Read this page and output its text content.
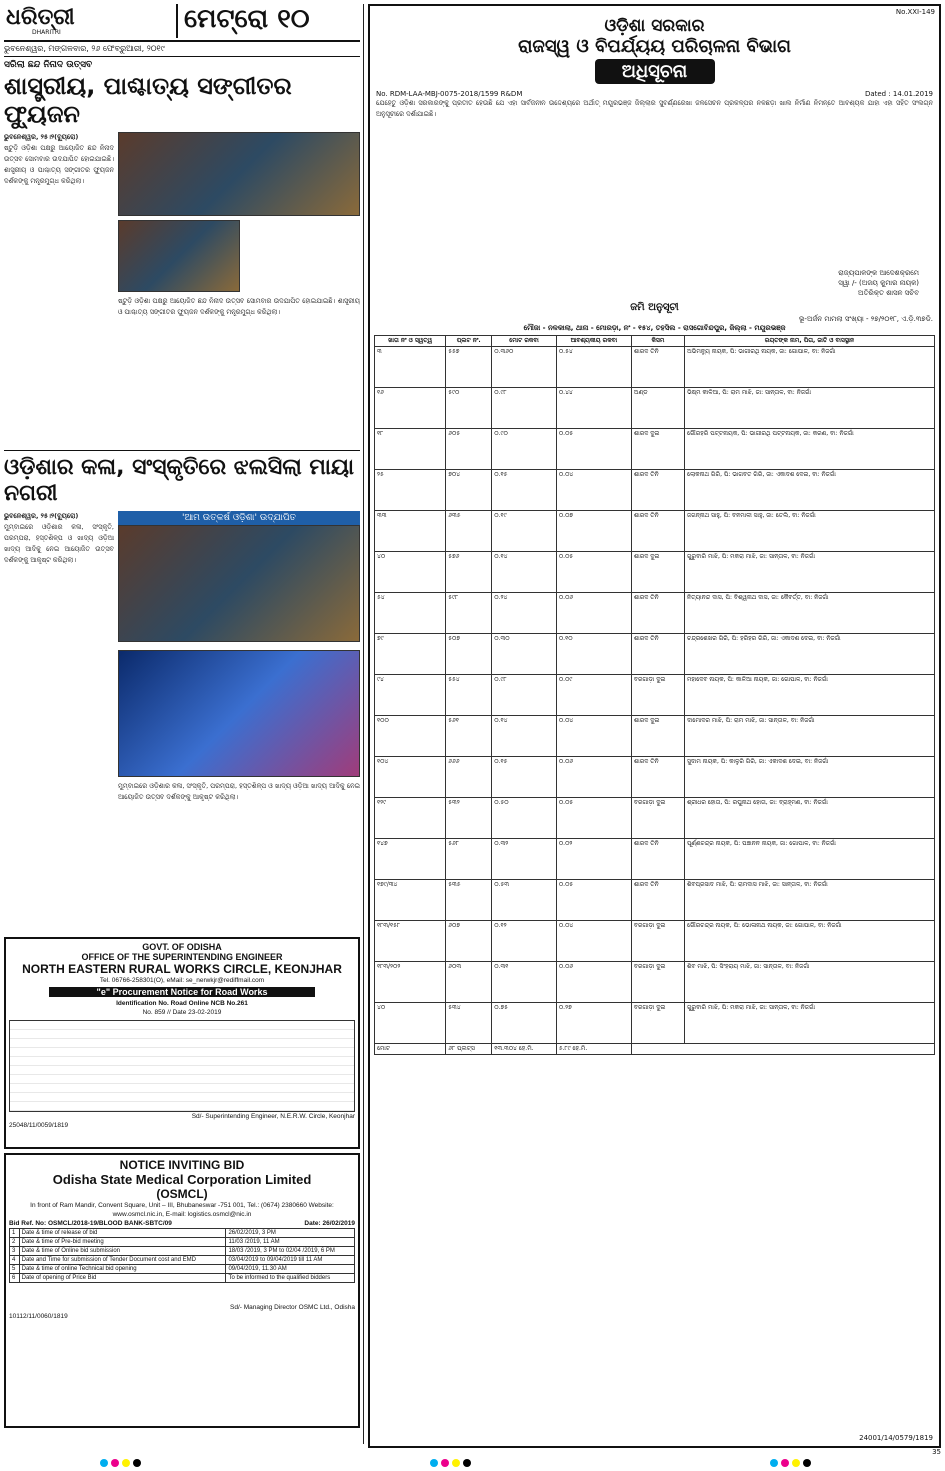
ଧରିତ୍ରୀ
DHARITRI	ମେଟ୍ରୋ ୧୦
ଭୁବନେଶ୍ୱର, ମଙ୍ଗଳବାର, ୨୬ ଫେବ୍ରୁଆରୀ, ୨୦୧୯
ସରିଲା ଛନ୍ଦ ନିନାଦ ଉତ୍ସବ
ଶାସ୍ତ୍ରୀୟ, ପାଶ୍ଚାତ୍ୟ ସଙ୍ଗୀତର ଫ୍ୟୁଜନ
ଭୁବନେଶ୍ୱର, ୨୫।୨(ବ୍ୟୁରୋ)
ଷ୍ଟୁଡ଼ି ଓଡ଼ିଶା ପକ୍ଷରୁ ଆୟୋଜିତ ଛନ୍ଦ ନିନାଦ ଉତ୍ସବ ସୋମବାର ଉଦଯାପିତ ହୋଇଯାଇଛି। ଶାସ୍ତ୍ରୀୟ ଓ ପାଶ୍ଚାତ୍ୟ ସଙ୍ଗୀତର ଫ୍ୟୁଜନ ଦର୍ଶକଙ୍କୁ ମନ୍ତ୍ରମୁଗ୍ଧ କରିଥିଲା।
ଷ୍ଟୁଡ଼ି ଓଡ଼ିଶା ପକ୍ଷରୁ ଆୟୋଜିତ ଛନ୍ଦ ନିନାଦ ଉତ୍ସବ ସୋମବାର ଉଦଯାପିତ ହୋଇଯାଇଛି। ଶାସ୍ତ୍ରୀୟ ଓ ପାଶ୍ଚାତ୍ୟ ସଙ୍ଗୀତର ଫ୍ୟୁଜନ ଦର୍ଶକଙ୍କୁ ମନ୍ତ୍ରମୁଗ୍ଧ କରିଥିଲା।
ଓଡ଼ିଶାର କଳା, ସଂସ୍କୃତିରେ ଝଲସିଲା ମାୟା ନଗରୀ
ଭୁବନେଶ୍ୱର, ୨୫।୨(ବ୍ୟୁରୋ)
ମୁମ୍ବାଇରେ ଓଡ଼ିଶାର କଳା, ସଂସ୍କୃତି, ପରମ୍ପରା, ହସ୍ତଶିଳ୍ପ ଓ ଖାଦ୍ୟ ଓଡ଼ିଆ ଖାଦ୍ୟ ଆଦିକୁ ନେଇ ଆୟୋଜିତ ଉତ୍ସବ ଦର୍ଶକଙ୍କୁ ଆକୃଷ୍ଟ କରିଥିଲା।
'ଆମ ଉତ୍କର୍ଷ ଓଡ଼ିଶା' ଉଦ୍‌ଯାପିତ
ମୁମ୍ବାଇରେ ଓଡ଼ିଶାର କଳା, ସଂସ୍କୃତି, ପରମ୍ପରା, ହସ୍ତଶିଳ୍ପ ଓ ଖାଦ୍ୟ ଓଡ଼ିଆ ଖାଦ୍ୟ ଆଦିକୁ ନେଇ ଆୟୋଜିତ ଉତ୍ସବ ଦର୍ଶକଙ୍କୁ ଆକୃଷ୍ଟ କରିଥିଲା।
GOVT. OF ODISHA
OFFICE OF THE SUPERINTENDING ENGINEER
NORTH EASTERN RURAL WORKS CIRCLE, KEONJHAR
Tel. 06766-258301(O), eMail: se_nerwkjr@rediffmail.com
"e" Procurement Notice for Road Works
Identification No. Road Online NCB No.261
No. 859 // Date 23-02-2019
Sd/- Superintending Engineer, N.E.R.W. Circle, Keonjhar
25048/11/0059/1819
NOTICE INVITING BID
Odisha State Medical Corporation Limited
(OSMCL)
In front of Ram Mandir, Convent Square, Unit – III, Bhubaneswar -751 001, Tel.: (0674) 2380660 Website: www.osmcl.nic.in, E-mail: logistics.osmcl@nic.in
Bid Ref. No: OSMCL/2018-19/BLOOD BANK-SBTC/09	Date: 26/02/2019
1	Date & time of release of bid	26/02/2019, 3 PM
2	Date & time of Pre-bid meeting	11/03 /2019, 11 AM
3	Date & time of Online bid submission	18/03 /2019, 3 PM to 02/04 /2019, 6 PM
4	Date and Time for submission of Tender Document cost and EMD	03/04/2019 to 09/04/2019 till 11 AM
5	Date & time of online Technical bid opening	09/04/2019, 11.30 AM
6	Date of opening of Price Bid	To be informed to the qualified bidders
Sd/- Managing Director OSMC Ltd., Odisha
10112/11/0060/1819
No.XXI-149
ଓଡ଼ିଶା ସରକାର
ରାଜସ୍ୱ ଓ ବିପର୍ଯ୍ୟୟ ପରିଚାଳନା ବିଭାଗ
ଅଧିସୂଚନା
No. RDM-LAA-MBJ-0075-2018/1599 R&DM	Dated : 14.01.2019
ଯେହେତୁ ଓଡ଼ିଶା ସରକାରଙ୍କୁ ପ୍ରତୀତ ହେଉଛି ଯେ ଏହା ସାର୍ବଜନୀନ ଉଦ୍ଦେଶ୍ୟରେ ଅର୍ଥାତ୍ ମୟୂରଭଞ୍ଜ ଜିଲ୍ଲାର ସୁବର୍ଣ୍ଣରେଖା ଜଳସେଚନ ପ୍ରକଳ୍ପର ନଳଛଡ଼ା ଖାଲ ନିର୍ମାଣ ନିମନ୍ତେ ଆବଶ୍ୟକ ଯାହା ଏହା ସହିତ ସଂଲଗ୍ନ ଅନୁସୂଚୀରେ ଦର୍ଶାଯାଇଛି।
ରାଜ୍ୟପାଳଙ୍କ ଆଦେଶକ୍ରମେ
ସ୍ୱା /- (ଅଜୟ କୁମାର ନାୟକ)
ଅତିରିକ୍ତ ଶାସନ ସଚିବ
ଜମି ଅନୁସୂଚୀ
ଭୂ-ଅର୍ଜନ ମାମଲା ସଂଖ୍ୟା - ୨୭/୨୦୧୮, ଏ.ଡ଼ି.୩୭ଡି.
ମୌଜା - ନଳକାଲା, ଥାନା - ମୋରଡ଼ା, ନଂ - ୧୫୪, ତହସିଲ - ରାସଗୋବିନ୍ଦପୁର, ଜିଲ୍ଲା - ମୟୂରଭଞ୍ଜ
ଖାତା ନଂ ଓ ସ୍ୱତ୍ୱ	ପ୍ଲଟ ନଂ.	ମୋଟ ରକବା	ଆବଶ୍ୟକୀୟ ରକବା	କିସମ	ରୟତଙ୍କ ନାମ, ପିତା, ଜାତି ଓ ବାସସ୍ଥାନ
୩	୫୫୭	୦.୩୬୦	୦.୫୪	ଶାରଦ ତିନି	ଅଭିମନ୍ୟୁ ନାୟକ, ପି: ଭାଗୀରଥି ନାୟକ, ଜା: ଗୋପାଳ, ବା: ନିଜଗାଁ
୧୬	୫୯୦	୦.୯୮	୦.୪୪	ଅଣ୍ଡ	ଭିଷ୍ମ କାଳିଆ, ପି: ରାମ ମାଝି, ଜା: ସାନ୍ତାଳ, ବା: ନିଜଗାଁ
୧୮	୬୦୫	୦.୯୦	୦.୦୫	ଶାରଦ ଦୁଇ	ଗୌରହରି ପଟ୍ଟନାୟକ, ପି: ଭାଗୀରଥି ପଟ୍ଟନାୟକ, ଜା: କରଣ, ବା: ନିଜଗାଁ
୨୫	୭୦୪	୦.୧୫	୦.୦୪	ଶାରଦ ତିନି	ଲୋକନାଥ ଗିରି, ପି: ଭାଗବତ ଗିରି, ଜା: ଏକାଦଶ ଦେଇ, ବା: ନିଜଗାଁ
୩୩	୬୩୫	୦.୧୯	୦.୦୭	ଶାରଦ ତିନି	ଜଗନ୍ନାଥ ସାହୁ, ପି: ବନମାଳୀ ସାହୁ, ଜା: ତେଲି, ବା: ନିଜଗାଁ
୪୦	୫୭୬	୦.୧୪	୦.୦୫	ଶାରଦ ଦୁଇ	ଗୁରୁବାରି ମାଝି, ପି: ମକରା ମାଝି, ଜା: ସାନ୍ତାଳ, ବା: ନିଜଗାଁ
୫୪	୫୯୮	୦.୨୪	୦.୦୬	ଶାରଦ ତିନି	ନିତ୍ୟାନନ୍ଦ ଦାସ, ପି: ବିଶ୍ୱନାଥ ଦାସ, ଜା: କୈବର୍ତ୍ତ, ବା: ନିଜଗାଁ
୭୯	୫୦୭	୦.୩୦	୦.୧୦	ଶାରଦ ତିନି	ଚନ୍ଦ୍ରଶେଖର ଗିରି, ପି: ହରିହର ଗିରି, ଜା: ଏକାଦଶ ଦେଇ, ବା: ନିଜଗାଁ
୯୪	୫୫୪	୦.୯୮	୦.୦୯	ବରଗାଡ଼ା ଦୁଇ	ମହାଦେବ ନାୟକ, ପି: କାଳିଆ ନାୟକ, ଜା: ଗୋପାଳ, ବା: ନିଜଗାଁ
୧୦୦	୫୬୧	୦.୧୪	୦.୦୪	ଶାରଦ ଦୁଇ	ଦାମୋଦର ମାଝି, ପି: ରାମ ମାଝି, ଜା: ସାନ୍ତାଳ, ବା: ନିଜଗାଁ
୧୦୪	୬୬୬	୦.୧୫	୦.୦୬	ଶାରଦ ତିନି	ସୁଦାମ ନାୟକ, ପି: କାଳୁରି ଗିରି, ଜା: ଏକାଦଶ ଦେଇ, ବା: ନିଜଗାଁ
୧୨୯	୫୩୨	୦.୫୦	୦.୦୫	ବରଗାଡ଼ା ଦୁଇ	ଶ୍ରୀଧର ହୋତା, ପି: ରଘୁନାଥ ହୋତା, ଜା: ବ୍ରାହ୍ମଣ, ବା: ନିଜଗାଁ
୧୪୭	୫୬୮	୦.୩୨	୦.୦୨	ଶାରଦ ତିନି	ପୂର୍ଣ୍ଣଚନ୍ଦ୍ର ନାୟକ, ପି: ପଞ୍ଚାନନ ନାୟକ, ଜା: ଗୋପାଳ, ବା: ନିଜଗାଁ
୧୭୯/୩୪	୫୩୫	୦.୫୩	୦.୦୫	ଶାରଦ ତିନି	ଶିବପ୍ରସାଦ ମାଝି, ପି: ରାମଦାସ ମାଝି, ଜା: ସାନ୍ତାଳ, ବା: ନିଜଗାଁ
୧୮୩/୧୫୮	୬୦୭	୦.୧୨	୦.୦୪	ବରଗାଡ଼ା ଦୁଇ	ଗୌରଚନ୍ଦ୍ର ନାୟକ, ପି: ଭୋଳାନାଥ ନାୟକ, ଜା: ଗୋପାଳ, ବା: ନିଜଗାଁ
୧୮୩/୨୦୨	୬୦୩	୦.୩୧	୦.୦୬	ବରଗାଡ଼ା ଦୁଇ	ଶିବ ମାଝି, ପି: ସିଂହରାୟ ମାଝି, ଜା: ସାନ୍ତାଳ, ବା: ନିଜଗାଁ
୪୦	୫୩୪	୦.୭୫	୦.୨୭	ବରଗାଡ଼ା ଦୁଇ	ଗୁରୁବାରି ମାଝି, ପି: ମକରା ମାଝି, ଜା: ସାନ୍ତାଳ, ବା: ନିଜଗାଁ
ମୋଟ	୬୮ ପ୍ଲଟ୍‌ସ	୧୩.୩୦୪ ହେ.ମି.	୫.୮୯ ହେ.ମି.		
24001/14/0579/1819
35
